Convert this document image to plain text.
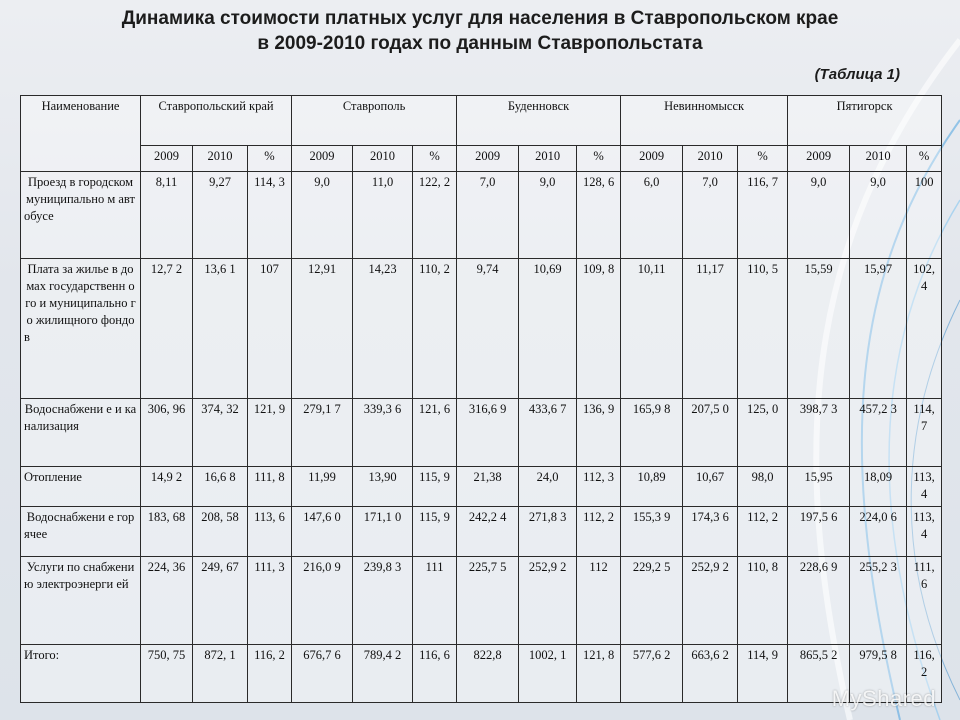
Динамика стоимости платных услуг для населения в Ставропольском крае
в 2009-2010 годах по данным Ставропольстата
(Таблица 1)
Наименование	Ставропольский край			Ставрополь			Буденновск			Невинномысск			Пятигорск		
	2009	2010	%	2009	2010	%	2009	2010	%	2009	2010	%	2009	2010	%
Проезд в городском муниципально м автобусе	8,11	9,27	114, 3	9,0	11,0	122, 2	7,0	9,0	128, 6	6,0	7,0	116, 7	9,0	9,0	100
Плата за жилье в домах государственн ого и муниципально го жилищного фондов	12,7 2	13,6 1	107	12,91	14,23	110, 2	9,74	10,69	109, 8	10,11	11,17	110, 5	15,59	15,97	102, 4
Водоснабжени е и канализация	306, 96	374, 32	121, 9	279,1 7	339,3 6	121, 6	316,6 9	433,6 7	136, 9	165,9 8	207,5 0	125, 0	398,7 3	457,2 3	114, 7
Отопление	14,9 2	16,6 8	111, 8	11,99	13,90	115, 9	21,38	24,0	112, 3	10,89	10,67	98,0	15,95	18,09	113, 4
Водоснабжени е горячее	183, 68	208, 58	113, 6	147,6 0	171,1 0	115, 9	242,2 4	271,8 3	112, 2	155,3 9	174,3 6	112, 2	197,5 6	224,0 6	113, 4
Услуги по снабжению электроэнерги ей	224, 36	249, 67	111, 3	216,0 9	239,8 3	111	225,7 5	252,9 2	112	229,2 5	252,9 2	110, 8	228,6 9	255,2 3	111, 6
Итого:	750, 75	872, 1	116, 2	676,7 6	789,4 2	116, 6	822,8	1002, 1	121, 8	577,6 2	663,6 2	114, 9	865,5 2	979,5 8	116, 2
MyShared
